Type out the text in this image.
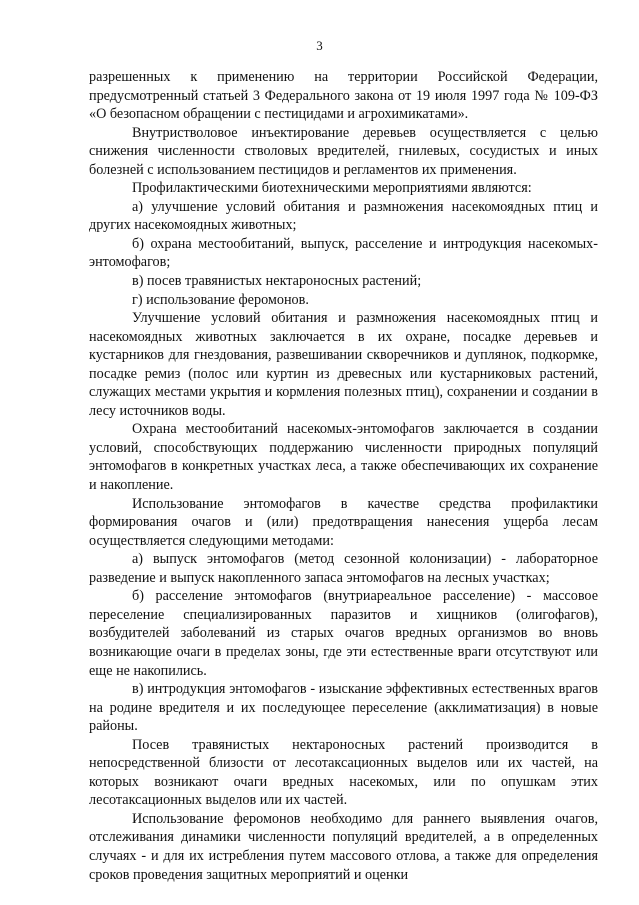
3

разрешенных к применению на территории Российской Федерации, предусмотренный статьей 3 Федерального закона от 19 июля 1997 года № 109-ФЗ «О безопасном обращении с пестицидами и агрохимикатами».

Внутристволовое инъектирование деревьев осуществляется с целью снижения численности стволовых вредителей, гнилевых, сосудистых и иных болезней с использованием пестицидов и регламентов их применения.

Профилактическими биотехническими мероприятиями являются:

а) улучшение условий обитания и размножения насекомоядных птиц и других насекомоядных животных;

б) охрана местообитаний, выпуск, расселение и интродукция насекомых-энтомофагов;

в) посев травянистых нектароносных растений;

г) использование феромонов.

Улучшение условий обитания и размножения насекомоядных птиц и насекомоядных животных заключается в их охране, посадке деревьев и кустарников для гнездования, развешивании скворечников и дуплянок, подкормке, посадке ремиз (полос или куртин из древесных или кустарниковых растений, служащих местами укрытия и кормления полезных птиц), сохранении и создании в лесу источников воды.

Охрана местообитаний насекомых-энтомофагов заключается в создании условий, способствующих поддержанию численности природных популяций энтомофагов в конкретных участках леса, а также обеспечивающих их сохранение и накопление.

Использование энтомофагов в качестве средства профилактики формирования очагов и (или) предотвращения нанесения ущерба лесам осуществляется следующими методами:

а) выпуск энтомофагов (метод сезонной колонизации) - лабораторное разведение и выпуск накопленного запаса энтомофагов на лесных участках;

б) расселение энтомофагов (внутриареальное расселение) - массовое переселение специализированных паразитов и хищников (олигофагов), возбудителей заболеваний из старых очагов вредных организмов во вновь возникающие очаги в пределах зоны, где эти естественные враги отсутствуют или еще не накопились.

в) интродукция энтомофагов - изыскание эффективных естественных врагов на родине вредителя и их последующее переселение (акклиматизация) в новые районы.

Посев травянистых нектароносных растений производится в непосредственной близости от лесотаксационных выделов или их частей, на которых возникают очаги вредных насекомых, или по опушкам этих лесотаксационных выделов или их частей.

Использование феромонов необходимо для раннего выявления очагов, отслеживания динамики численности популяций вредителей, а в определенных случаях - и для их истребления путем массового отлова, а также для определения сроков проведения защитных мероприятий и оценки
